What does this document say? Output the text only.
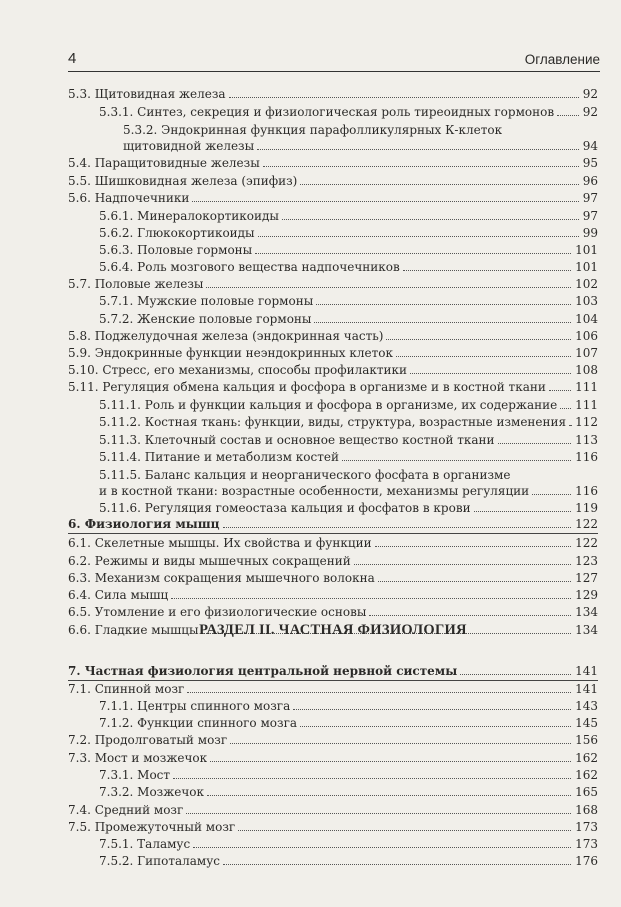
4	Оглавление
5.3. Щитовидная железа	92
5.3.1. Синтез, секреция и физиологическая роль тиреоидных гормонов 92
5.3.2. Эндокринная функция парафолликулярных К-клеток
щитовидной железы	94
5.4. Паращитовидные железы	95
5.5. Шишковидная железа (эпифиз)	96
5.6. Надпочечники	97
5.6.1. Минералокортикоиды	97
5.6.2. Глюкокортикоиды	99
5.6.3. Половые гормоны	101
5.6.4. Роль мозгового вещества надпочечников	101
5.7. Половые железы	102
5.7.1. Мужские половые гормоны	103
5.7.2. Женские половые гормоны	104
5.8. Поджелудочная железа (эндокринная часть)	106
5.9. Эндокринные функции неэндокринных клеток	107
5.10. Стресс, его механизмы, способы профилактики	108
5.11. Регуляция обмена кальция и фосфора в организме и в костной ткани 111
5.11.1. Роль и функции кальция и фосфора в организме, их содержание 111
5.11.2. Костная ткань: функции, виды, структура, возрастные изменения 112
5.11.3. Клеточный состав и основное вещество костной ткани	113
5.11.4. Питание и метаболизм костей	116
5.11.5. Баланс кальция и неорганического фосфата в организме
и в костной ткани: возрастные особенности, механизмы регуляции	116
5.11.6. Регуляция гомеостаза кальция и фосфатов в крови	119
6. Физиология мышц	122
6.1. Скелетные мышцы. Их свойства и функции	122
6.2. Режимы и виды мышечных сокращений	123
6.3. Механизм сокращения мышечного волокна	127
6.4. Сила мышц	129
6.5. Утомление и его физиологические основы	134
6.6. Гладкие мышцы	134
7. Частная физиология центральной нервной системы	141
7.1. Спинной мозг	141
7.1.1. Центры спинного мозга	143
7.1.2. Функции спинного мозга	145
7.2. Продолговатый мозг	156
7.3. Мост и мозжечок	162
7.3.1. Мост	162
7.3.2. Мозжечок	165
7.4. Средний мозг	168
7.5. Промежуточный мозг	173
7.5.1. Таламус	173
7.5.2. Гипоталамус	176
РАЗДЕЛ II. ЧАСТНАЯ ФИЗИОЛОГИЯ
